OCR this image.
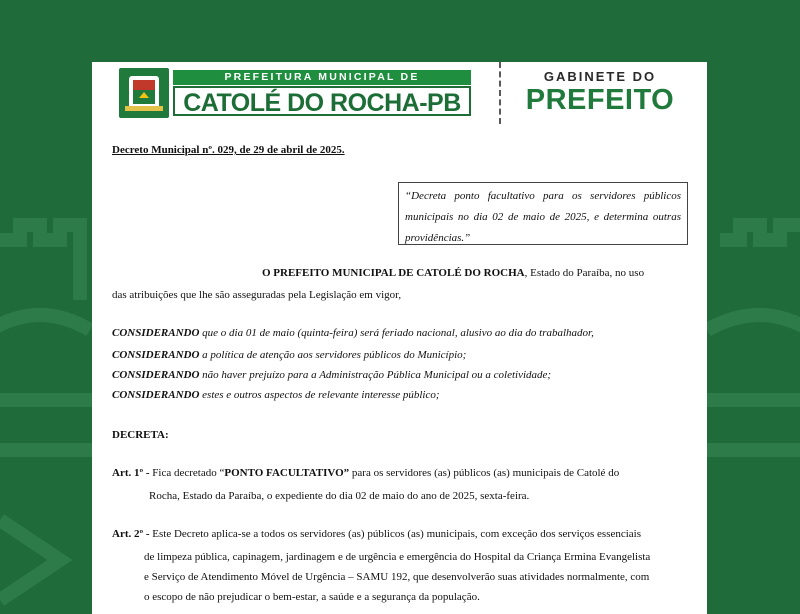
PREFEITURA MUNICIPAL DE
CATOLÉ DO ROCHA-PB
GABINETE DO
PREFEITO
Decreto Municipal nº. 029, de 29 de abril de 2025.
“Decreta ponto facultativo para os servidores públicos municipais no dia 02 de maio de 2025, e determina outras providências.”
O PREFEITO MUNICIPAL DE CATOLÉ DO ROCHA, Estado do Paraíba, no uso
das atribuições que lhe são asseguradas pela Legislação em vigor,
CONSIDERANDO que o dia 01 de maio (quinta-feira) será feriado nacional, alusivo ao dia do trabalhador,
CONSIDERANDO a política de atenção aos servidores públicos do Município;
CONSIDERANDO não haver prejuízo para a Administração Pública Municipal ou a coletividade;
CONSIDERANDO estes e outros aspectos de relevante interesse público;
DECRETA:
Art. 1º - Fica decretado “PONTO FACULTATIVO” para os servidores (as) públicos (as) municipais de Catolé do
Rocha, Estado da Paraíba, o expediente do dia 02 de maio do ano de 2025, sexta-feira.
Art. 2º - Este Decreto aplica-se a todos os servidores (as) públicos (as) municipais, com exceção dos serviços essenciais
de limpeza pública, capinagem, jardinagem e de urgência e emergência do Hospital da Criança Ermina Evangelista
e Serviço de Atendimento Móvel de Urgência – SAMU 192, que desenvolverão suas atividades normalmente, com
o escopo de não prejudicar o bem-estar, a saúde e a segurança da população.
